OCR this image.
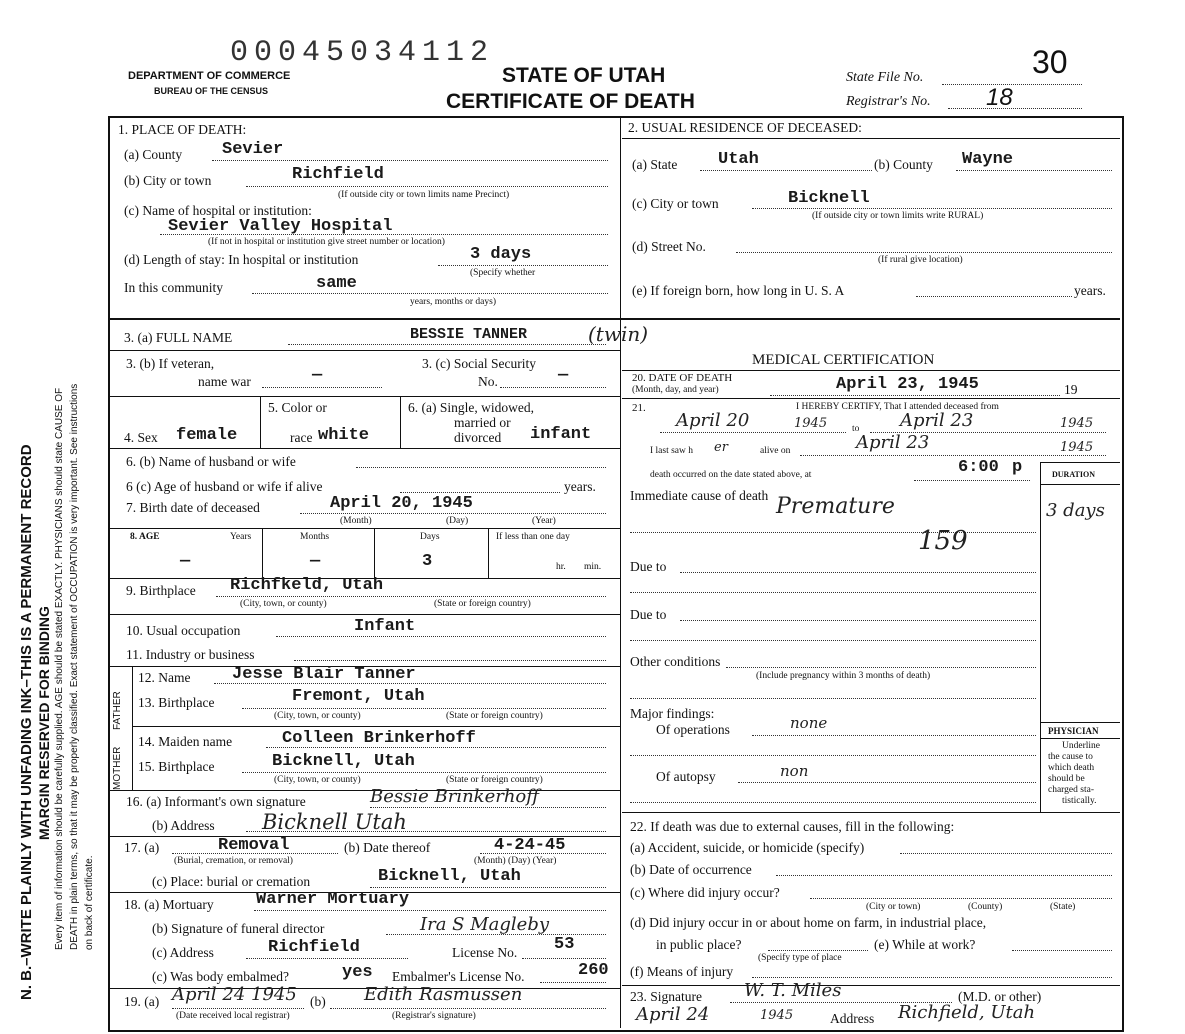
N. B.–WRITE PLAINLY WITH UNFADING INK–THIS IS A PERMANENT RECORD MARGIN RESERVED FOR BINDING Every item of information should be carefully supplied. AGE should be stated EXACTLY. PHYSICIANS should state CAUSE OF DEATH in plain terms, so that it may be properly classified. Exact statement of OCCUPATION is very important. See instructions on back of certificate.
00045034112
DEPARTMENT OF COMMERCE
BUREAU OF THE CENSUS
STATE OF UTAH
CERTIFICATE OF DEATH
State File No.	30
Registrar's No. 18
1. PLACE OF DEATH:
(a) County Sevier
(b) City or town	Richfield
(If outside city or town limits name Precinct)
(c) Name of hospital or institution:
Sevier Valley Hospital
(If not in hospital or institution give street number or location)
(d) Length of stay: In hospital or institution	3 days
(Specify whether
In this community	same
years, months or days)
2. USUAL RESIDENCE OF DECEASED:
(a) State Utah	(b) County Wayne
(c) City or town	Bicknell
(If outside city or town limits write RURAL)
(d) Street No.
(If rural give location)
(e) If foreign born, how long in U. S. A	years.
3. (a) FULL NAME	BESSIE TANNER	(twin)
3. (b) If veteran,
name war	—
3. (c) Social Security
No.	—
5. Color or	6. (a) Single, widowed,
married or
divorced
4. Sex female	race white	infant
6. (b) Name of husband or wife
6 (c) Age of husband or wife if alive	years.
7. Birth date of deceased	April 20, 1945
(Month)	(Day)	(Year)
8. AGE	Years	Months	Days	If less than one day
—	—	3	hr. min.
9. Birthplace Richfkeld, Utah
(City, town, or county)	(State or foreign country)
10. Usual occupation	Infant
11. Industry or business
FATHER
MOTHER
12. Name Jesse Blair Tanner
13. Birthplace	Fremont, Utah
(City, town, or county)	(State or foreign country)
14. Maiden name	Colleen Brinkerhoff
15. Birthplace	Bicknell, Utah
(City, town, or county)	(State or foreign country)
16. (a) Informant's own signature	Bessie Brinkerhoff
(b) Address Bicknell Utah
17. (a)	Removal
(Burial, cremation, or removal)
(b) Date thereof	4-24-45
(Month) (Day) (Year)
(c) Place: burial or cremation	Bicknell, Utah
18. (a) Mortuary Warner Mortuary
(b) Signature of funeral director	Ira S Magleby
(c) Address	Richfield	License No. 53
(c) Was body embalmed?	yes Embalmer's License No.	260
19. (a) April 24 1945 (b) Edith Rasmussen
(Date received local registrar)	(Registrar's signature)
MEDICAL CERTIFICATION
20. DATE OF DEATH
(Month, day, and year)	April 23, 1945	19
21.	I HEREBY CERTIFY, That I attended deceased from
April 20	1945	to April 23	1945
I last saw h er	alive on	April 23	1945
death occurred on the date stated above, at	6:00 p	DURATION
Immediate cause of death Premature	3 days
159
Due to
Due to
Other conditions
(Include pregnancy within 3 months of death)
Major findings:
Of operations	none
Of autopsy	non
PHYSICIAN
Underline
the cause to
which death
should be
charged sta-
tistically.
22. If death was due to external causes, fill in the following:
(a) Accident, suicide, or homicide (specify)
(b) Date of occurrence
(c) Where did injury occur?
(City or town)	(County)	(State)
(d) Did injury occur in or about home on farm, in industrial place,
in public place?
(Specify type of place
(e) While at work?
(f) Means of injury
23. Signature W. T. Miles	(M.D. or other)
April 24	1945	Address Richfield, Utah
